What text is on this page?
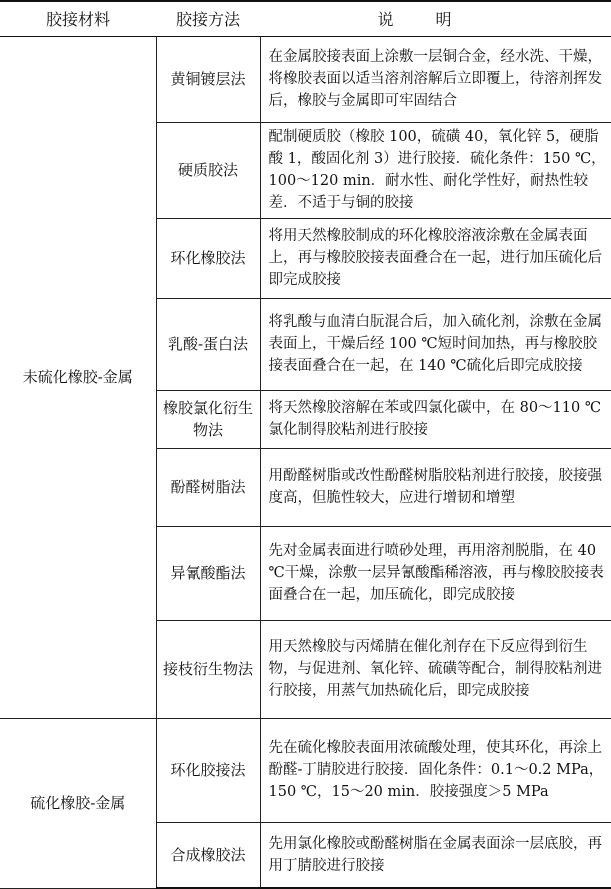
胶接材料	胶接方法	说明
未硫化橡胶-金属	黄铜镀层法	在金属胶接表面上涂敷一层铜合金，经水洗、干燥，将橡胶表面以适当溶剂溶解后立即覆上，待溶剂挥发后，橡胶与金属即可牢固结合
	硬质胶法	配制硬质胶（橡胶 100，硫磺 40，氧化锌 5，硬脂酸 1，酸固化剂 3）进行胶接．硫化条件：150 ℃，100～120 min．耐水性、耐化学性好，耐热性较差．不适于与铜的胶接
	环化橡胶法	将用天然橡胶制成的环化橡胶溶液涂敷在金属表面上，再与橡胶胶接表面叠合在一起，进行加压硫化后即完成胶接
	乳酸-蛋白法	将乳酸与血清白朊混合后，加入硫化剂，涂敷在金属表面上，干燥后经 100 ℃短时间加热，再与橡胶胶接表面叠合在一起，在 140 ℃硫化后即完成胶接
	橡胶氯化衍生物法	将天然橡胶溶解在苯或四氯化碳中，在 80～110 ℃氯化制得胶粘剂进行胶接
	酚醛树脂法	用酚醛树脂或改性酚醛树脂胶粘剂进行胶接，胶接强度高，但脆性较大，应进行增韧和增塑
	异氰酸酯法	先对金属表面进行喷砂处理，再用溶剂脱脂，在 40 ℃干燥，涂敷一层异氰酸酯稀溶液，再与橡胶胶接表面叠合在一起，加压硫化，即完成胶接
	接枝衍生物法	用天然橡胶与丙烯腈在催化剂存在下反应得到衍生物，与促进剂、氧化锌、硫磺等配合，制得胶粘剂进行胶接，用蒸气加热硫化后，即完成胶接
硫化橡胶-金属	环化胶接法	先在硫化橡胶表面用浓硫酸处理，使其环化，再涂上酚醛-丁腈胶进行胶接．固化条件：0.1～0.2 MPa，150 ℃，15～20 min．胶接强度＞5 MPa
	合成橡胶法	先用氯化橡胶或酚醛树脂在金属表面涂一层底胶，再用丁腈胶进行胶接
